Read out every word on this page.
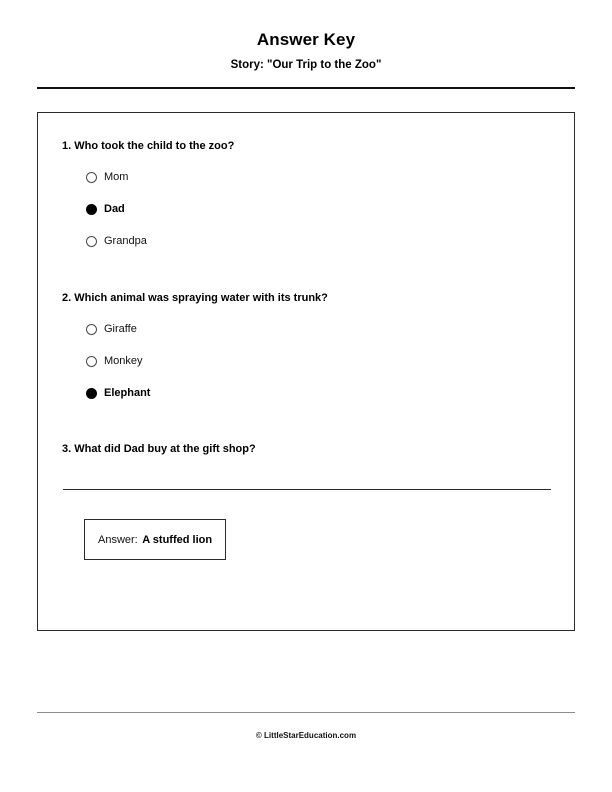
Answer Key
Story: "Our Trip to the Zoo"
1. Who took the child to the zoo?
Mom
Dad
Grandpa
2. Which animal was spraying water with its trunk?
Giraffe
Monkey
Elephant
3. What did Dad buy at the gift shop?
Answer: A stuffed lion
© LittleStarEducation.com
